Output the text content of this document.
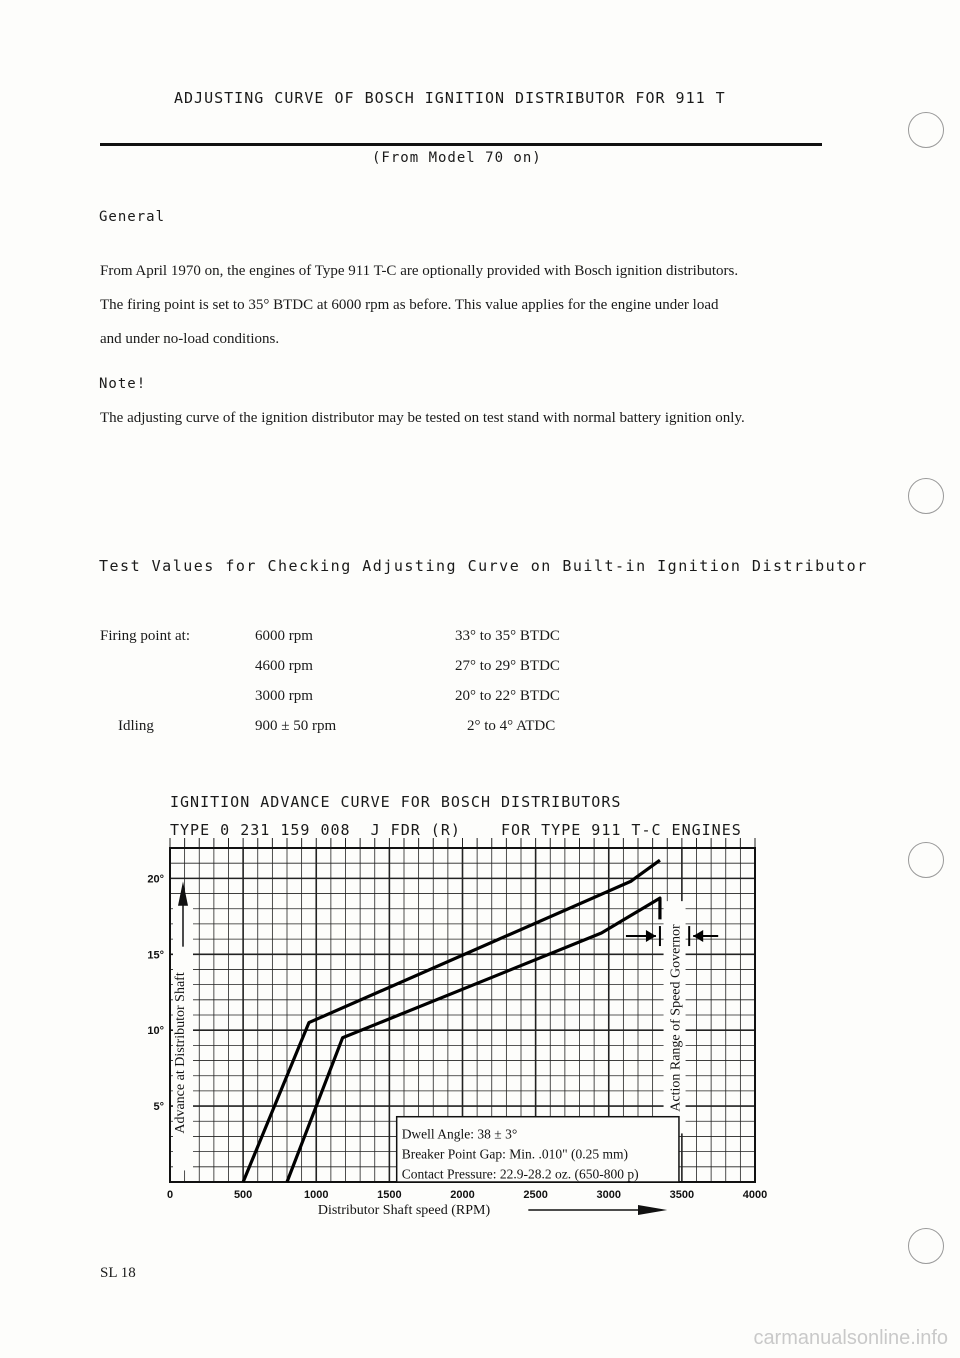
ADJUSTING CURVE OF BOSCH IGNITION DISTRIBUTOR FOR 911 T
(From Model 70 on)
General
From April 1970 on, the engines of Type 911 T-C are optionally provided with Bosch ignition distributors.
The firing point is set to 35° BTDC at 6000 rpm as before. This value applies for the engine under load
and under no-load conditions.
Note!
The adjusting curve of the ignition distributor may be tested on test stand with normal battery ignition only.
Test Values for Checking Adjusting Curve on Built-in Ignition Distributor
Firing point at:	6000 rpm	33° to 35° BTDC
	4600 rpm	27° to 29° BTDC
	3000 rpm	20° to 22° BTDC
Idling	900 ± 50 rpm	2° to 4° ATDC
IGNITION ADVANCE CURVE FOR BOSCH DISTRIBUTORS
TYPE 0 231 159 008  J FDR (R)    FOR TYPE 911 T-C ENGINES
0	500	1000	1500	2000	2500	3000	3500	4000
5°
10°
15°
20°
Distributor Shaft speed (RPM)
Advance at Distributor Shaft	Action Range of Speed Governor
Dwell Angle: 38 ± 3°
Breaker Point Gap: Min. .010" (0.25 mm)
Contact Pressure: 22.9-28.2 oz. (650-800 p)
SL 18
carmanualsonline.info
